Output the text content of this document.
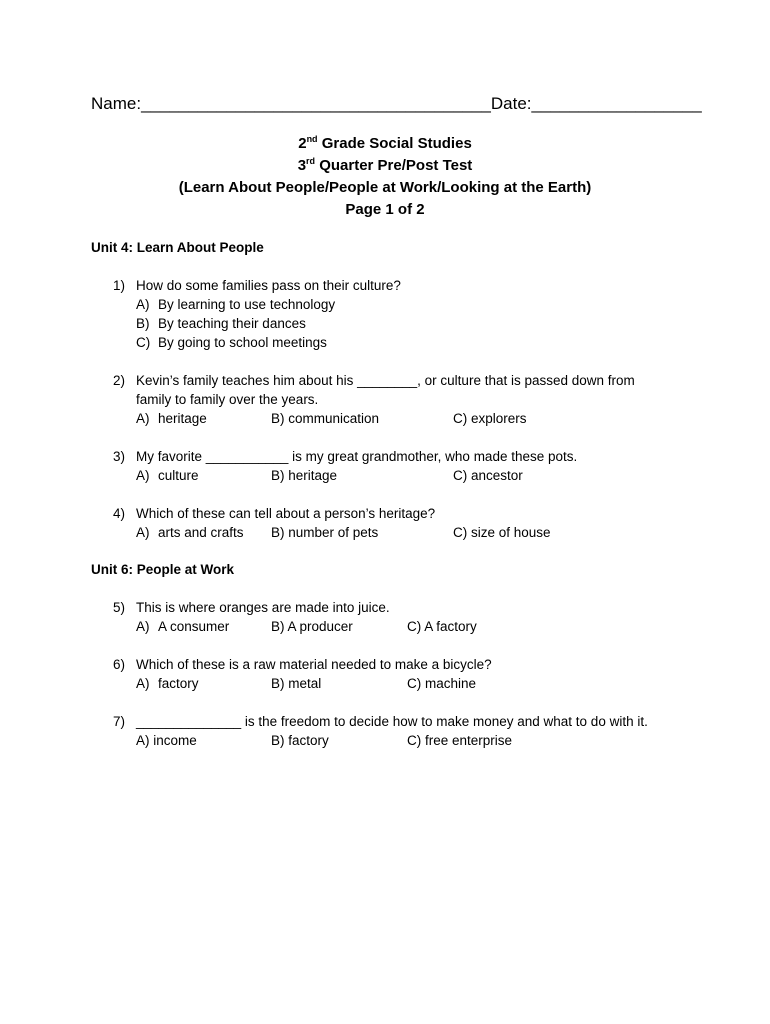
Name:_____________________________________Date:__________________
2nd Grade Social Studies
3rd Quarter Pre/Post Test
(Learn About People/People at Work/Looking at the Earth)
Page 1 of 2
Unit 4: Learn About People
1) How do some families pass on their culture?
A) By learning to use technology
B) By teaching their dances
C) By going to school meetings
2) Kevin’s family teaches him about his ________, or culture that is passed down from
family to family over the years.
A) heritage	B) communication	C) explorers
3) My favorite ___________ is my great grandmother, who made these pots.
A) culture	B) heritage	C) ancestor
4) Which of these can tell about a person’s heritage?
A) arts and crafts B) number of pets	C) size of house
Unit 6: People at Work
5) This is where oranges are made into juice.
A) A consumer	B) A producer	C) A factory
6) Which of these is a raw material needed to make a bicycle?
A) factory	B) metal	C) machine
7) ______________ is the freedom to decide how to make money and what to do with it.
A) income	B) factory	C) free enterprise
